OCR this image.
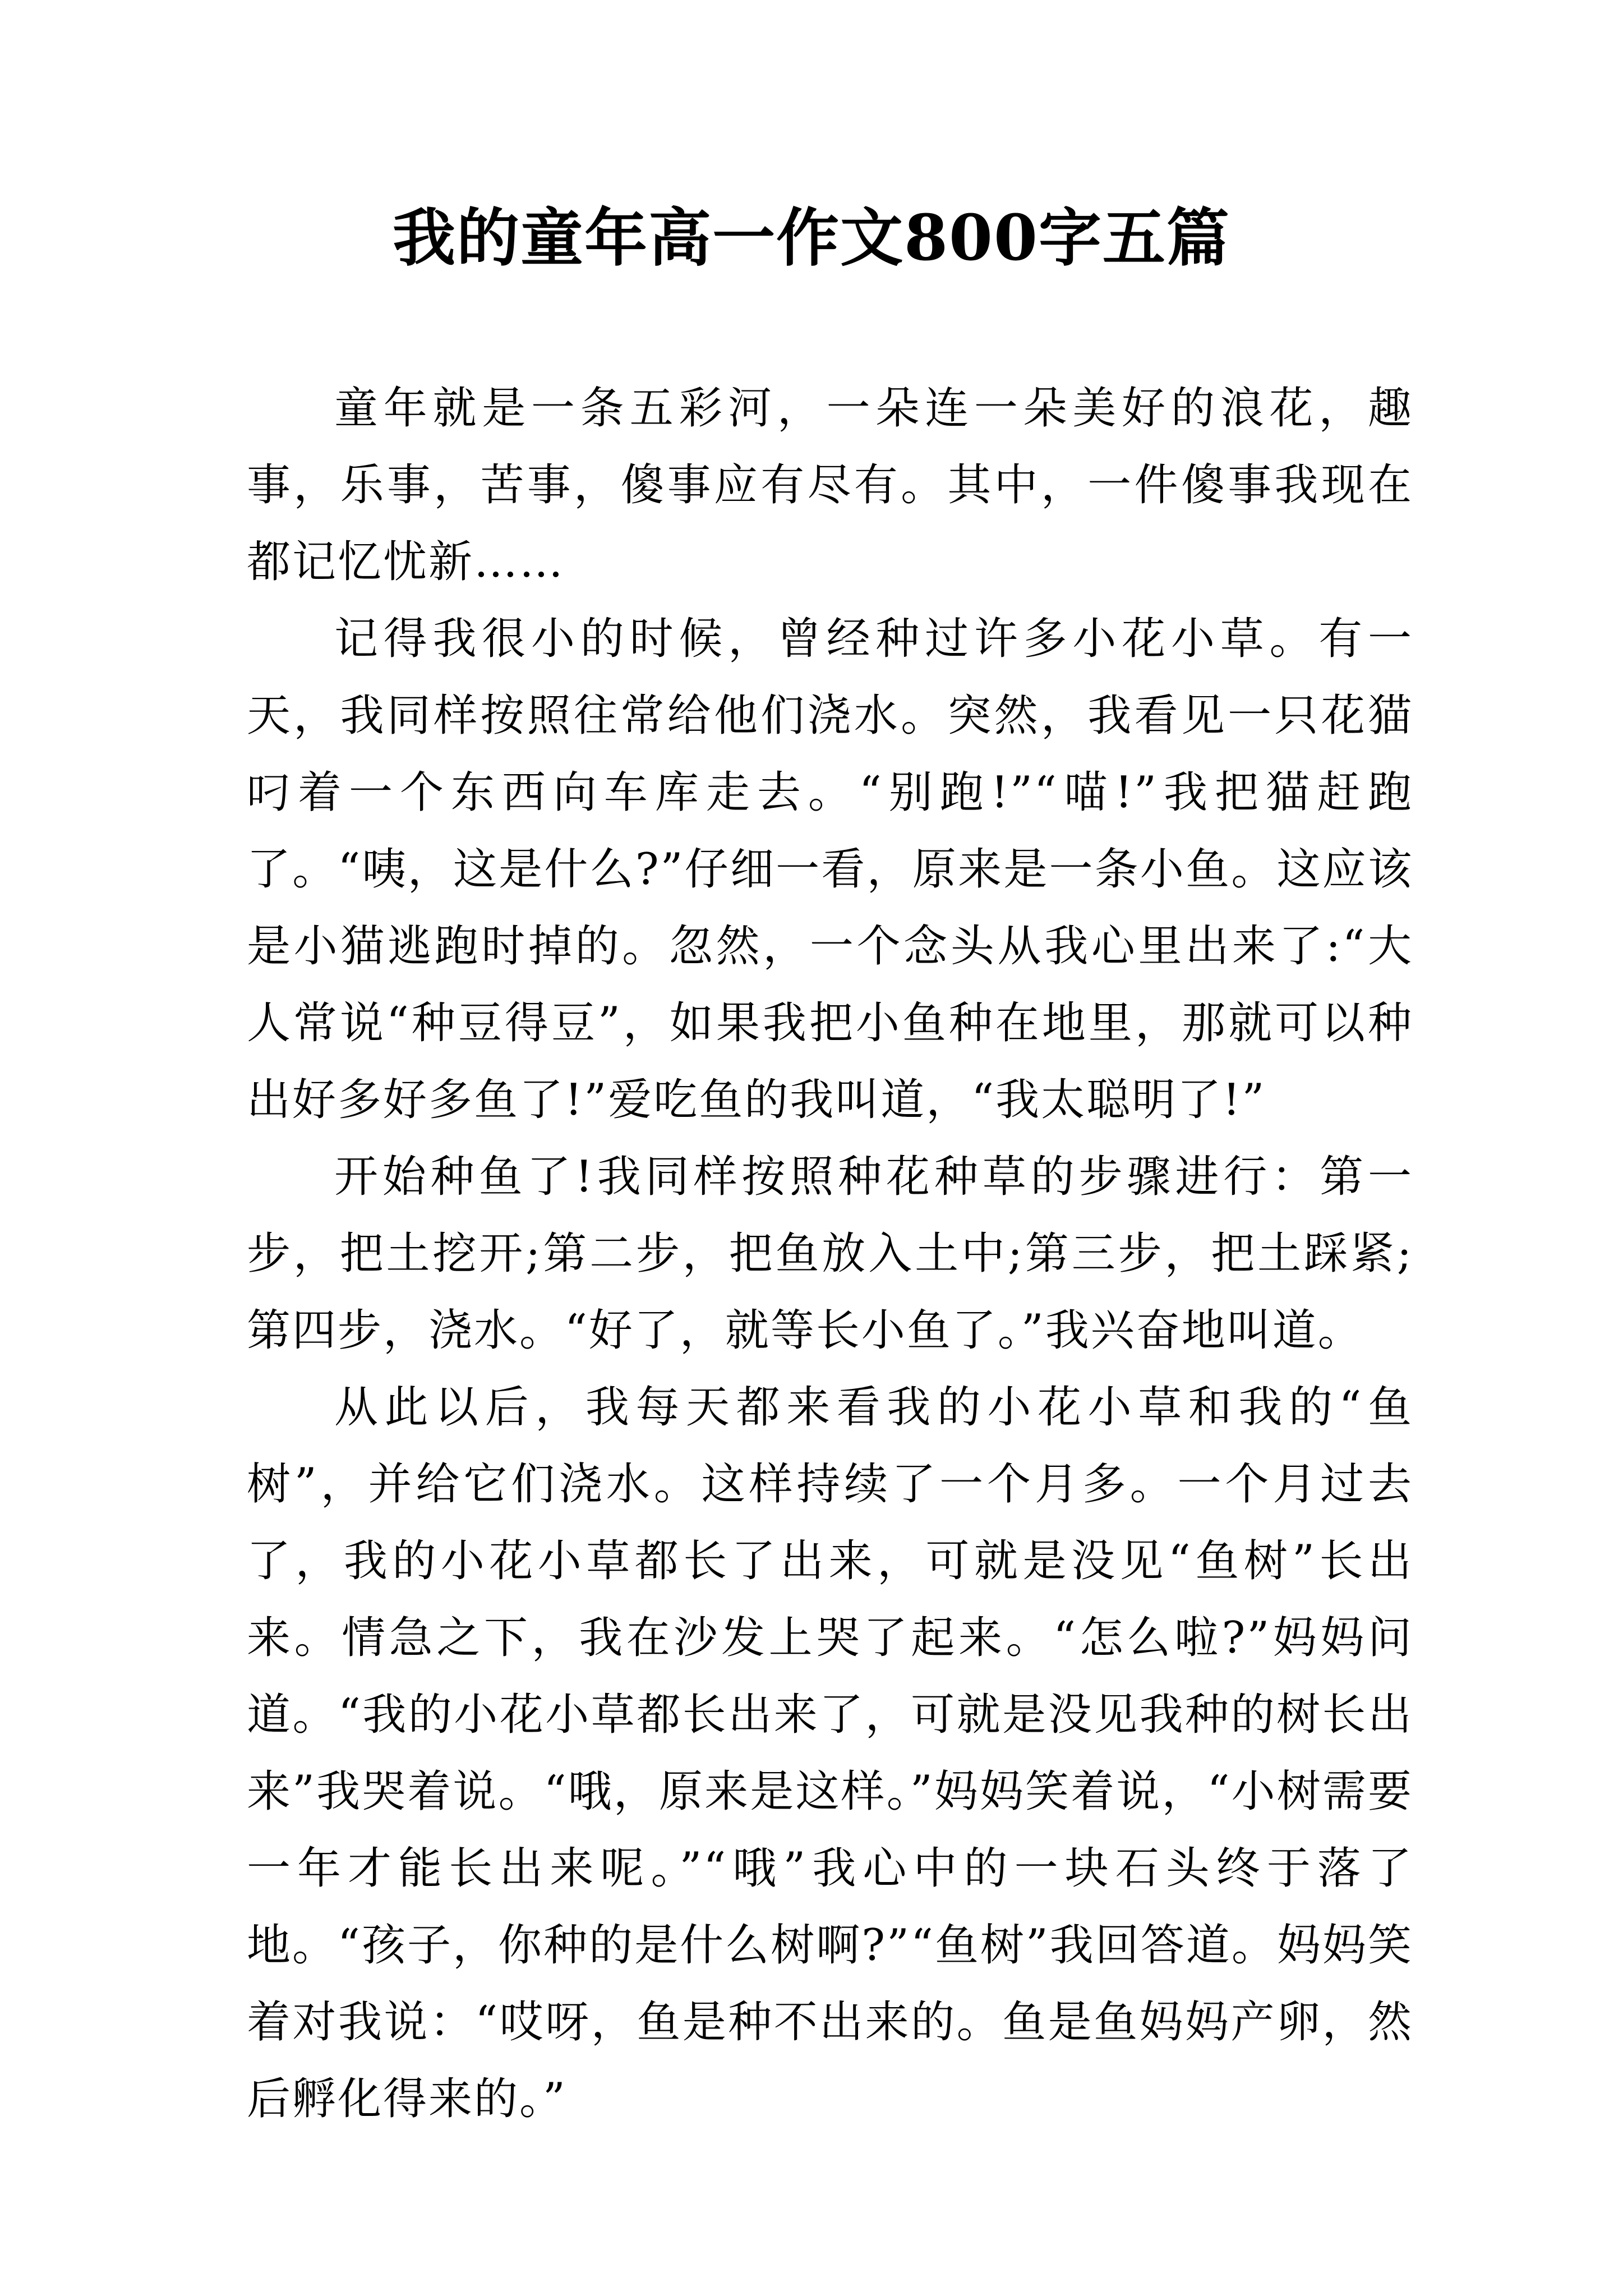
我的童年高一作文800字五篇

童年就是一条五彩河，一朵连一朵美好的浪花，趣事，乐事，苦事，傻事应有尽有。其中，一件傻事我现在都记忆忧新……

记得我很小的时候，曾经种过许多小花小草。有一天，我同样按照往常给他们浇水。突然，我看见一只花猫叼着一个东西向车库走去。“别跑!”“喵!”我把猫赶跑了。“咦，这是什么?”仔细一看，原来是一条小鱼。这应该是小猫逃跑时掉的。忽然，一个念头从我心里出来了:“大人常说“种豆得豆”，如果我把小鱼种在地里，那就可以种出好多好多鱼了!”爱吃鱼的我叫道，“我太聪明了!”

开始种鱼了!我同样按照种花种草的步骤进行：第一步，把土挖开;第二步，把鱼放入土中;第三步，把土踩紧;第四步，浇水。“好了，就等长小鱼了。”我兴奋地叫道。

从此以后，我每天都来看我的小花小草和我的“鱼树”，并给它们浇水。这样持续了一个月多。一个月过去了，我的小花小草都长了出来，可就是没见“鱼树”长出来。情急之下，我在沙发上哭了起来。“怎么啦?”妈妈问道。“我的小花小草都长出来了，可就是没见我种的树长出来”我哭着说。“哦，原来是这样。”妈妈笑着说，“小树需要一年才能长出来呢。”“哦”我心中的一块石头终于落了地。“孩子，你种的是什么树啊?”“鱼树”我回答道。妈妈笑着对我说：“哎呀，鱼是种不出来的。鱼是鱼妈妈产卵，然后孵化得来的。”
